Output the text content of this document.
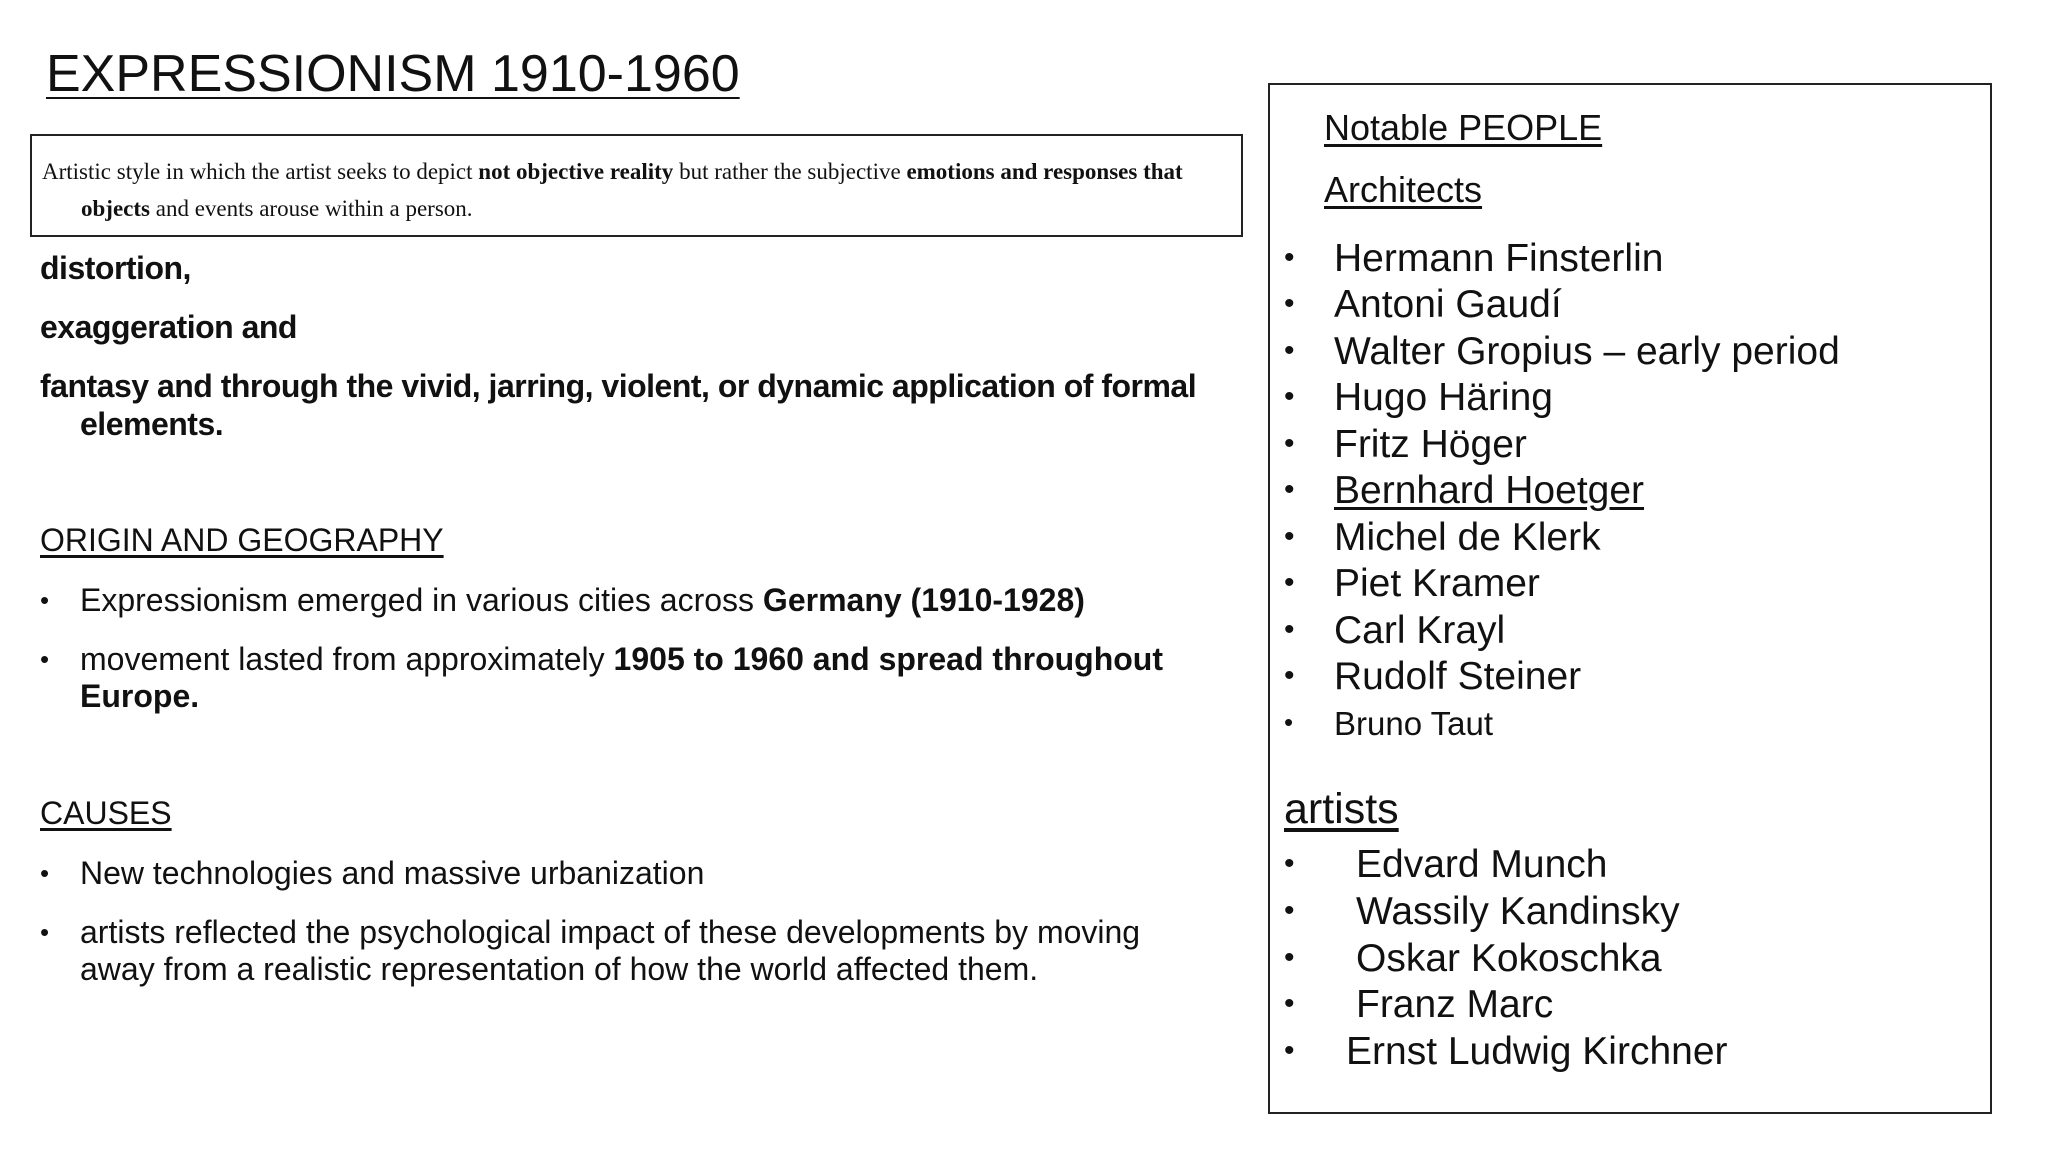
EXPRESSIONISM 1910-1960
Artistic style in which the artist seeks to depict not objective reality but rather the subjective emotions and responses that
objects and events arouse within a person.
distortion,
exaggeration and
fantasy and through the vivid, jarring, violent, or dynamic application of formal
elements.
ORIGIN AND GEOGRAPHY
• Expressionism emerged in various cities across Germany (1910-1928)
• movement lasted from approximately 1905 to 1960 and spread throughout
Europe.
CAUSES
• New technologies and massive urbanization
• artists reflected the psychological impact of these developments by moving
away from a realistic representation of how the world affected them.
Notable PEOPLE
Architects
• Hermann Finsterlin
• Antoni Gaudí
• Walter Gropius – early period
• Hugo Häring
• Fritz Höger
• Bernhard Hoetger
• Michel de Klerk
• Piet Kramer
• Carl Krayl
• Rudolf Steiner
• Bruno Taut
artists
• Edvard Munch
• Wassily Kandinsky
• Oskar Kokoschka
• Franz Marc
• Ernst Ludwig Kirchner
